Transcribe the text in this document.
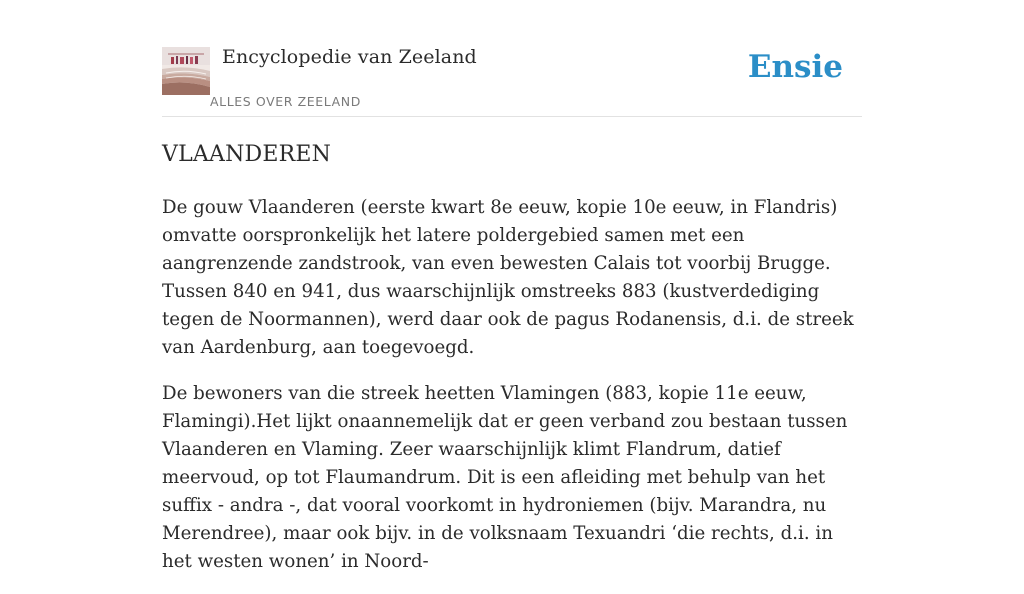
Encyclopedie van Zeeland
ALLES OVER ZEELAND
Ensie
VLAANDEREN

De gouw Vlaanderen (eerste kwart 8e eeuw, kopie 10e eeuw, in Flandris) omvatte oorspronkelijk het latere poldergebied samen met een aangrenzende zandstrook, van even bewesten Calais tot voorbij Brugge. Tussen 840 en 941, dus waarschijnlijk omstreeks 883 (kustverdediging tegen de Noormannen), werd daar ook de pagus Rodanensis, d.i. de streek van Aardenburg, aan toegevoegd.

De bewoners van die streek heetten Vlamingen (883, kopie 11e eeuw, Flamingi).Het lijkt onaannemelijk dat er geen verband zou bestaan tussen Vlaanderen en Vlaming. Zeer waarschijnlijk klimt Flandrum, datief meervoud, op tot Flaumandrum. Dit is een afleiding met behulp van het suffix - andra -, dat vooral voorkomt in hydroniemen (bijv. Marandra, nu Merendree), maar ook bijv. in de volksnaam Texuandri ‘die rechts, d.i. in het westen wonen’ in Noord-
